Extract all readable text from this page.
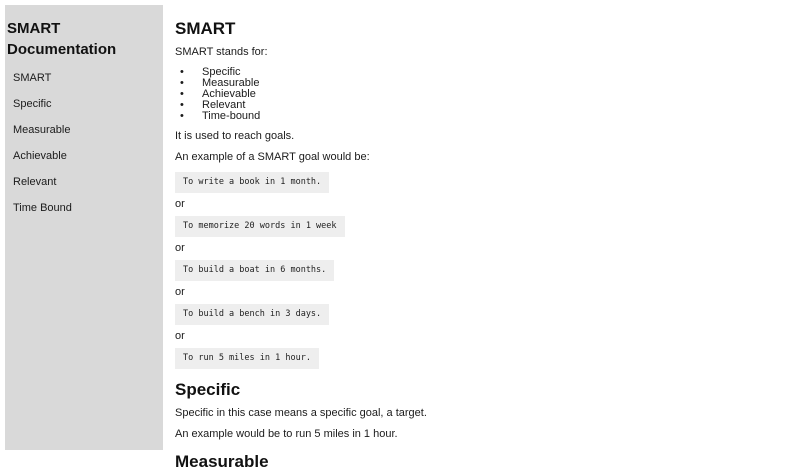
SMART Documentation
SMART
Specific
Measurable
Achievable
Relevant
Time Bound
SMART

SMART stands for:

• Specific
• Measurable
• Achievable
• Relevant
• Time-bound

It is used to reach goals.

An example of a SMART goal would be:

To write a book in 1 month.

or

To memorize 20 words in 1 week

or

To build a boat in 6 months.

or

To build a bench in 3 days.

or

To run 5 miles in 1 hour.
Specific

Specific in this case means a specific goal, a target.

An example would be to run 5 miles in 1 hour.

Measurable
